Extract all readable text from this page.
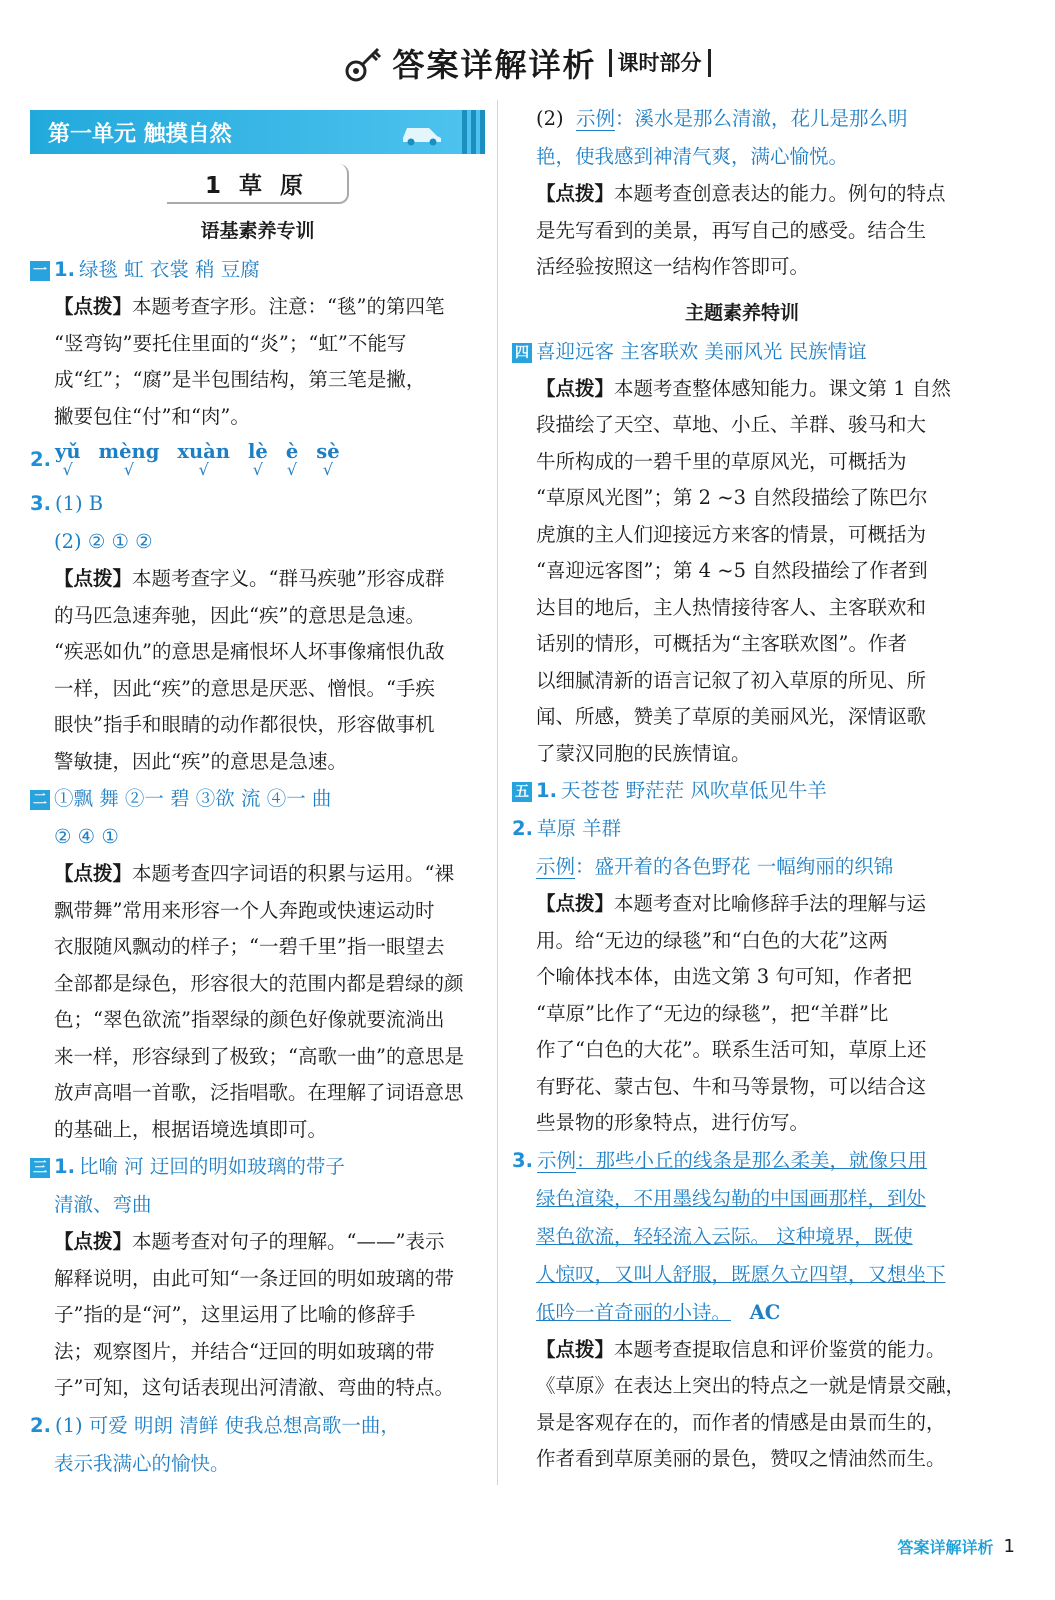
答案详解详析	课时部分
第一单元 触摸自然
1 草 原
语基素养专训
一 1. 绿毯 虹 衣裳 稍 豆腐
【点拨】本题考查字形。注意：“毯”的第四笔
“竖弯钩”要托住里面的“炎”；“虹”不能写
成“红”；“腐”是半包围结构，第三笔是撇，
撇要包住“付”和“肉”。
2. yǔ
√
mèng
√
xuàn
√
lè
√
è
√
sè
√
3. (1) B
(2) ② ① ②
【点拨】本题考查字义。“群马疾驰”形容成群
的马匹急速奔驰，因此“疾”的意思是急速。
“疾恶如仇”的意思是痛恨坏人坏事像痛恨仇敌
一样，因此“疾”的意思是厌恶、憎恨。“手疾
眼快”指手和眼睛的动作都很快，形容做事机
警敏捷，因此“疾”的意思是急速。
二 ①飘 舞 ②一 碧 ③欲 流 ④一 曲
② ④ ①
【点拨】本题考查四字词语的积累与运用。“裸
飘带舞”常用来形容一个人奔跑或快速运动时
衣服随风飘动的样子；“一碧千里”指一眼望去
全部都是绿色，形容很大的范围内都是碧绿的颜
色；“翠色欲流”指翠绿的颜色好像就要流淌出
来一样，形容绿到了极致；“高歌一曲”的意思是
放声高唱一首歌，泛指唱歌。在理解了词语意思
的基础上，根据语境选填即可。
三 1. 比喻 河 迂回的明如玻璃的带子
清澈、弯曲
【点拨】本题考查对句子的理解。“——”表示
解释说明，由此可知“一条迂回的明如玻璃的带
子”指的是“河”，这里运用了比喻的修辞手
法；观察图片，并结合“迂回的明如玻璃的带
子”可知，这句话表现出河清澈、弯曲的特点。
2. (1) 可爱 明朗 清鲜 使我总想高歌一曲，
表示我满心的愉快。
(2) 示例：溪水是那么清澈，花儿是那么明
艳，使我感到神清气爽，满心愉悦。
【点拨】本题考查创意表达的能力。例句的特点
是先写看到的美景，再写自己的感受。结合生
活经验按照这一结构作答即可。
主题素养特训
四 喜迎远客 主客联欢 美丽风光 民族情谊
【点拨】本题考查整体感知能力。课文第 1 自然
段描绘了天空、草地、小丘、羊群、骏马和大
牛所构成的一碧千里的草原风光，可概括为
“草原风光图”；第 2 ~3 自然段描绘了陈巴尔
虎旗的主人们迎接远方来客的情景，可概括为
“喜迎远客图”；第 4 ~5 自然段描绘了作者到
达目的地后，主人热情接待客人、主客联欢和
话别的情形，可概括为“主客联欢图”。作者
以细腻清新的语言记叙了初入草原的所见、所
闻、所感，赞美了草原的美丽风光，深情讴歌
了蒙汉同胞的民族情谊。
五 1. 天苍苍 野茫茫 风吹草低见牛羊
2. 草原 羊群
示例：盛开着的各色野花 一幅绚丽的织锦
【点拨】本题考查对比喻修辞手法的理解与运
用。给“无边的绿毯”和“白色的大花”这两
个喻体找本体，由选文第 3 句可知，作者把
“草原”比作了“无边的绿毯”，把“羊群”比
作了“白色的大花”。联系生活可知，草原上还
有野花、蒙古包、牛和马等景物，可以结合这
些景物的形象特点，进行仿写。
3. 示例：那些小丘的线条是那么柔美，就像只用
绿色渲染，不用墨线勾勒的中国画那样，到处
翠色欲流，轻轻流入云际。 这种境界，既使
人惊叹，又叫人舒服，既愿久立四望，又想坐下
低吟一首奇丽的小诗。 AC
【点拨】本题考查提取信息和评价鉴赏的能力。
《草原》在表达上突出的特点之一就是情景交融，
景是客观存在的，而作者的情感是由景而生的，
作者看到草原美丽的景色，赞叹之情油然而生。
答案详解详析 1
